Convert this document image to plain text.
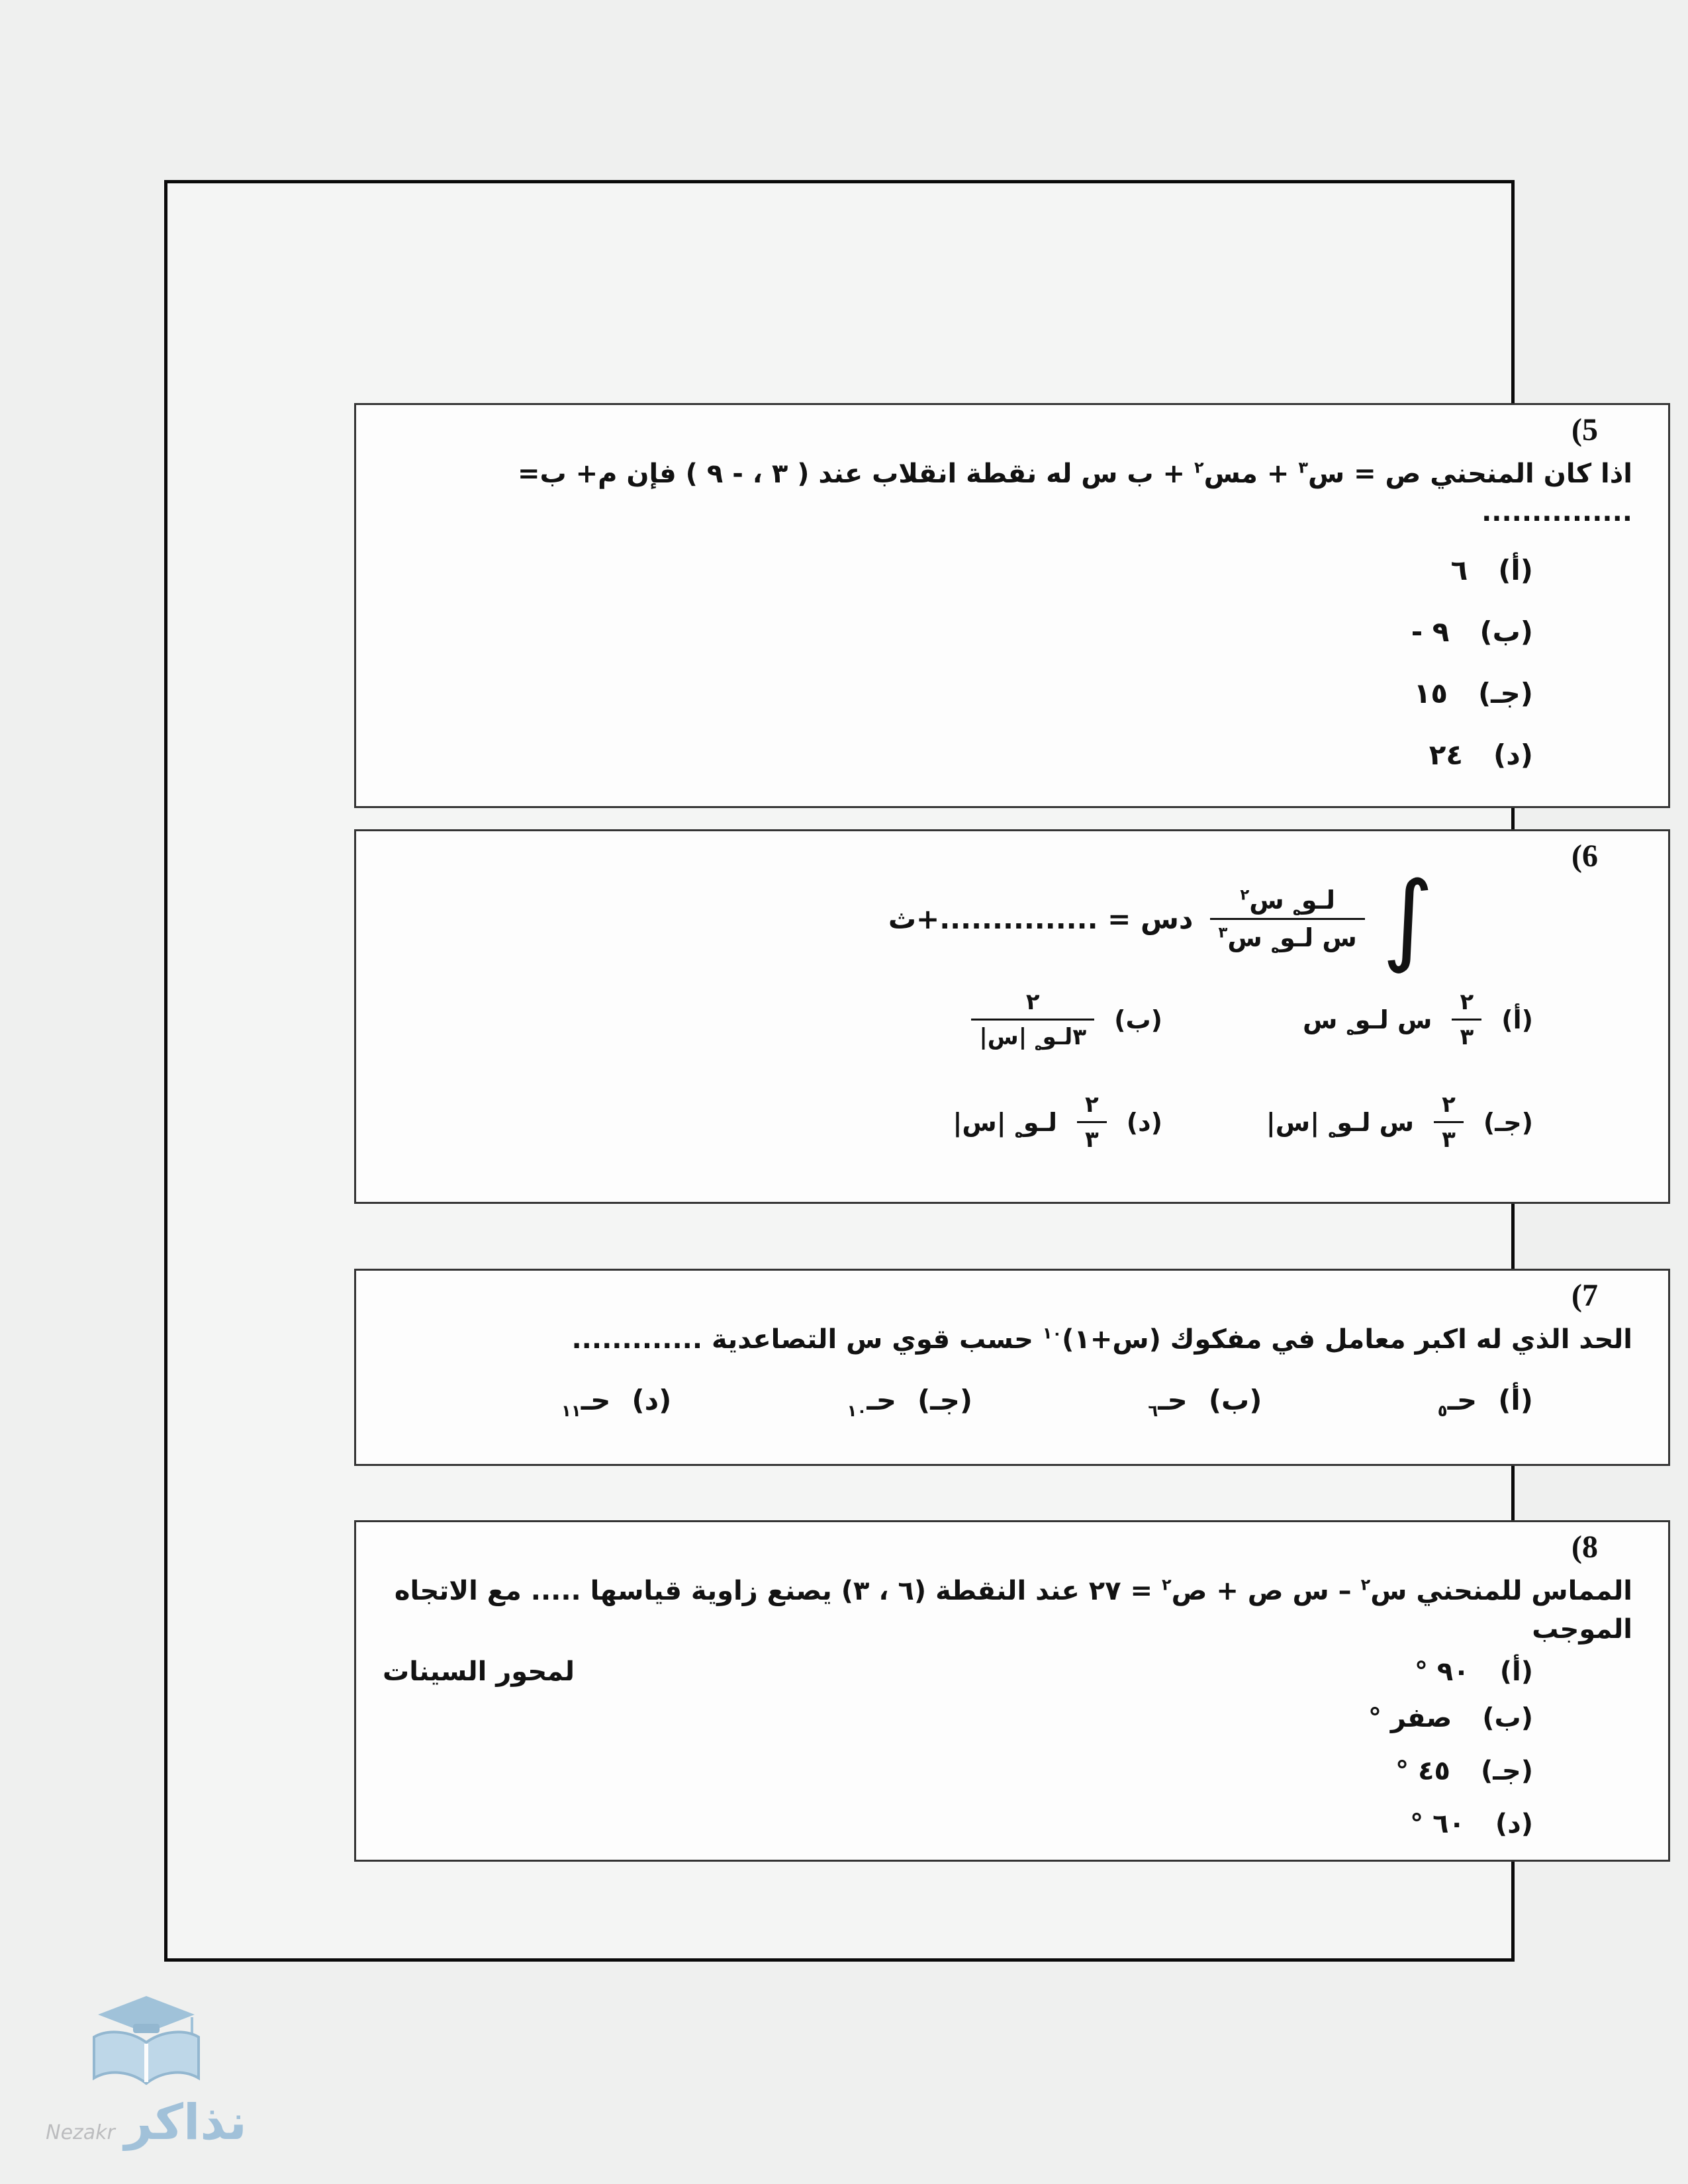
(5

اذا كان المنحني ص = س$^٣$ + مس$^٢$ + ب س له نقطة انقلاب عند ( ٣ ، - ٩ ) فإن م+ ب= ...............

(أ)
٦
(ب)
- ٩
(جـ)
١٥
(د)
٢٤
(6
∫
$\frac{لـو_ه س^٢}{س لـو_ه س^٣}$
دس = ...............+ث
(أ)
$\frac{٢}{٣}$
س لـو$_ه$ س
(ب)
$\frac{٢}{٣لـو_ه |س|}$
(جـ)
$\frac{٢}{٣}$
س لـو$_ه$ |س|
(د)
$\frac{٢}{٣}$
لـو$_ه$ |س|
(7

الحد الذي له اكبر معامل في مفكوك (س+١)$^{١٠}$ حسب قوي س التصاعدية .............

(أ)
حـ$_٥$
(ب)
حـ$_٦$
(جـ)
حـ$_{١٠}$
(د)
حـ$_{١١}$
(8

المماس للمنحني س$^٢$ – س ص + ص$^٢$ = ٢٧ عند النقطة (٦ ، ٣) يصنع زاوية قياسها ..... مع الاتجاه الموجب

(أ)
٩٠ °
لمحور السينات
(ب)
صفر °
(جـ)
٤٥ °
(د)
٦٠ °
Nezakr نذاكر
